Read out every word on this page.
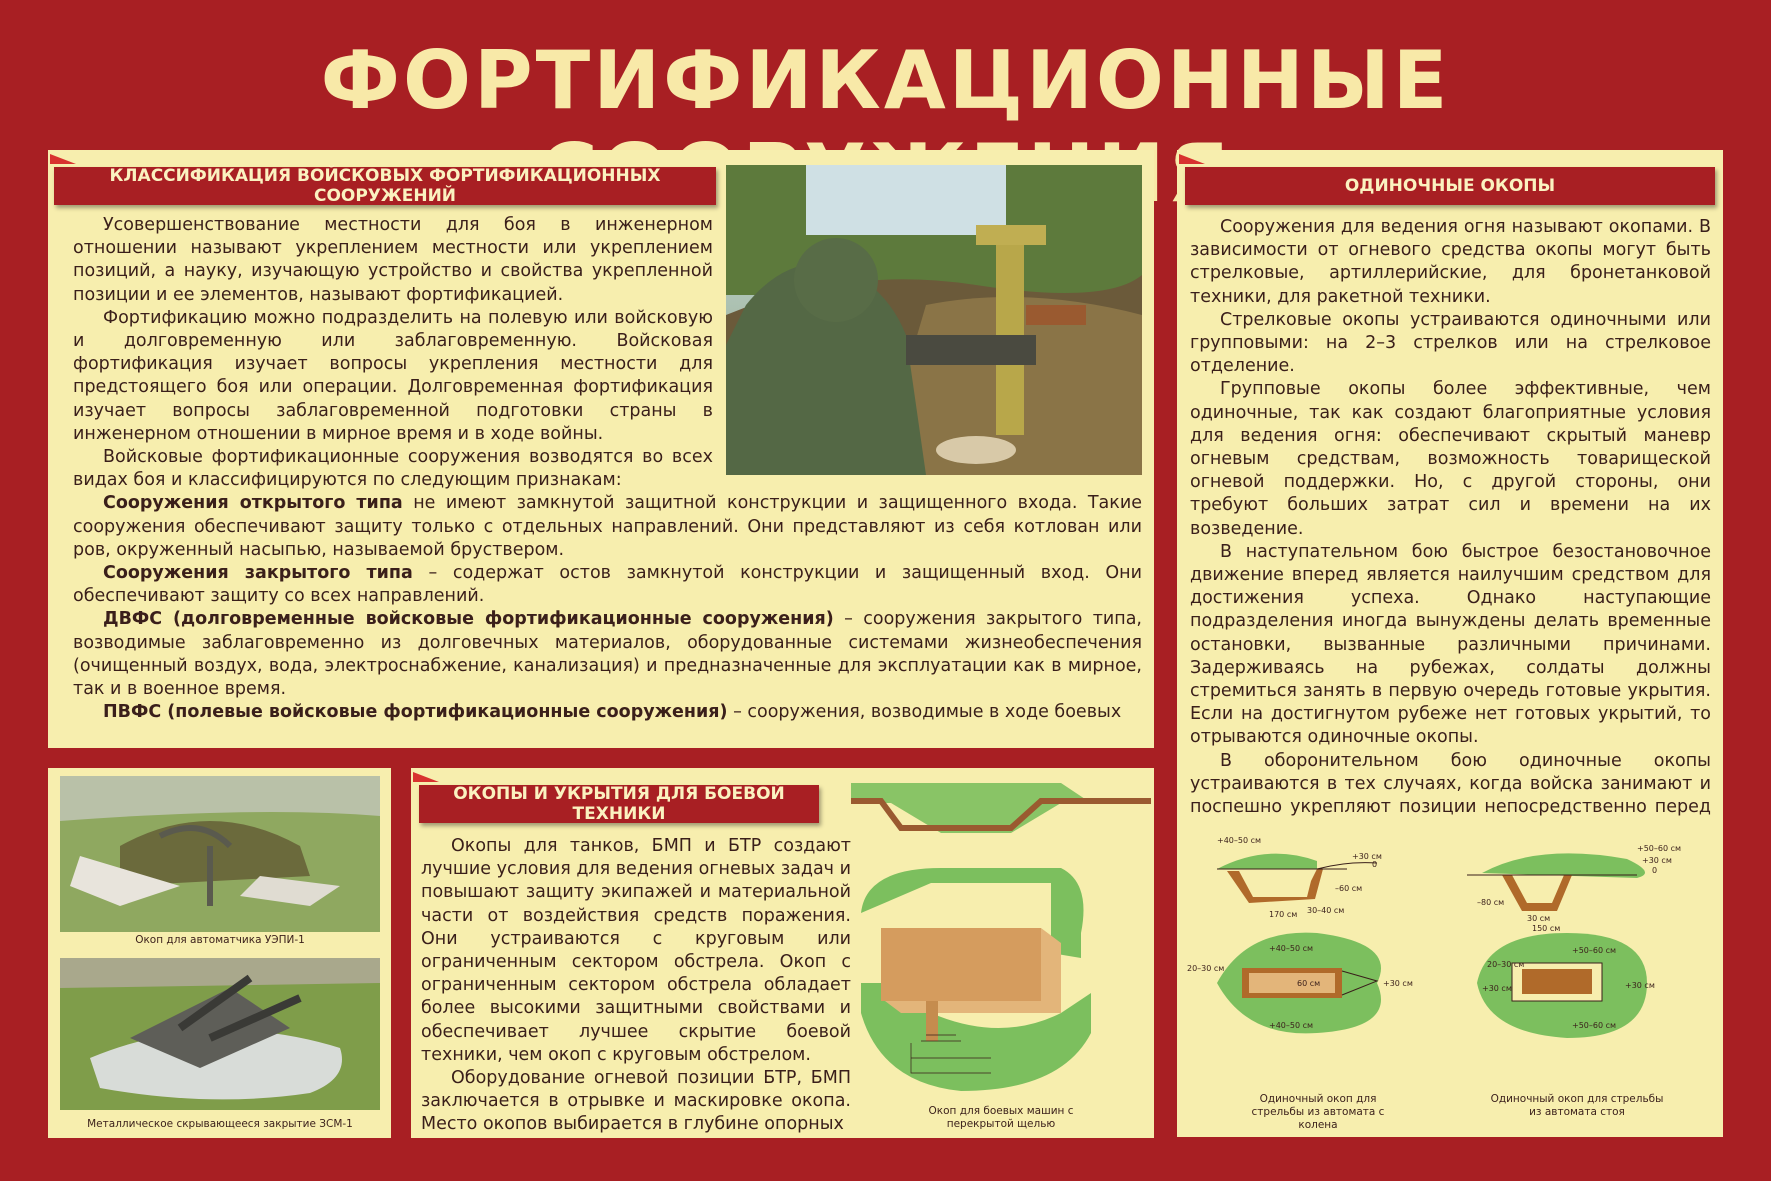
ФОРТИФИКАЦИОННЫЕ
КЛАССИФИКАЦИЯ ВОЙСКОВЫХ ФОРТИФИКАЦИОННЫХ СООРУЖЕНИЙ

Усовершенствование местности для боя в инженерном отношении называют укреплением местности или укреплением позиций, а науку, изучающую устройство и свойства укрепленной позиции и ее элементов, называют фортификацией.

Фортификацию можно подразделить на полевую или войсковую и долговременную или заблаговременную. Войсковая фортификация изучает вопросы укрепления местности для предстоящего боя или операции. Долговременная фортификация изучает вопросы заблаговременной подготовки страны в инженерном отношении в мирное время и в ходе войны.

Войсковые фортификационные сооружения возводятся во всех видах боя и классифицируются по следующим признакам:

Сооружения открытого типа не имеют замкнутой защитной конструкции и защищенного входа. Такие сооружения обеспечивают защиту только с отдельных направлений. Они представляют из себя котлован или ров, окруженный насыпью, называемой бруствером.

Сооружения закрытого типа – содержат остов замкнутой конструкции и защищенный вход. Они обеспечивают защиту со всех направлений.

ДВФС (долговременные войсковые фортификационные сооружения) – сооружения закрытого типа, возводимые заблаговременно из долговечных материалов, оборудованные системами жизнеобеспечения (очищенный воздух, вода, электроснабжение, канализация) и предназначенные для эксплуатации как в мирное, так и в военное время.

ПВФС (полевые войсковые фортификационные сооружения) – сооружения, возводимые в ходе боевых

ОДИНОЧНЫЕ ОКОПЫ

Сооружения для ведения огня называют окопами. В зависимости от огневого средства окопы могут быть стрелковые, артиллерийские, для бронетанковой техники, для ракетной техники.

Стрелковые окопы устраиваются одиночными или групповыми: на 2–3 стрелков или на стрелковое отделение.

Групповые окопы более эффективные, чем одиночные, так как создают благоприятные условия для ведения огня: обеспечивают скрытый маневр огневым средствам, возможность товарищеской огневой поддержки. Но, с другой стороны, они требуют больших затрат сил и времени на их возведение.

В наступательном бою быстрое безостановочное движение вперед является наилучшим средством для достижения успеха. Однако наступающие подразделения иногда вынуждены делать временные остановки, вызванные различными причинами. Задерживаясь на рубежах, солдаты должны стремиться занять в первую очередь готовые укрытия. Если на достигнутом рубеже нет готовых укрытий, то отрываются одиночные окопы.

В оборонительном бою одиночные окопы устраиваются в тех случаях, когда войска занимают и поспешно укрепляют позиции непосредственно перед

+40–50 см
+30 см
0
–60 см
170 см 30–40 см
+40–50 см
20–30 см
60 см	+30 см
+40–50 см
Одиночный окоп для стрельбы из автомата с колена
+50–60 см
+30 см
0
–80 см
30 см
150 см
+50–60 см
20–30 см
+30 см	+30 см
+50–60 см
Одиночный окоп для стрельбы из автомата стоя
Окоп для автоматчика УЭПИ-1
Металлическое скрывающееся закрытие ЗСМ-1
ОКОПЫ И УКРЫТИЯ ДЛЯ БОЕВОЙ ТЕХНИКИ

Окопы для танков, БМП и БТР создают лучшие условия для ведения огневых задач и повышают защиту экипажей и материальной части от воздействия средств поражения. Они устраиваются с круговым или ограниченным сектором обстрела. Окоп с ограниченным сектором обстрела обладает более высокими защитными свойствами и обеспечивает лучшее скрытие боевой техники, чем окоп с круговым обстрелом.

Оборудование огневой позиции БТР, БМП заключается в отрывке и маскировке окопа. Место окопов выбирается в глубине опорных

Окоп для боевых машин с перекрытой щелью
